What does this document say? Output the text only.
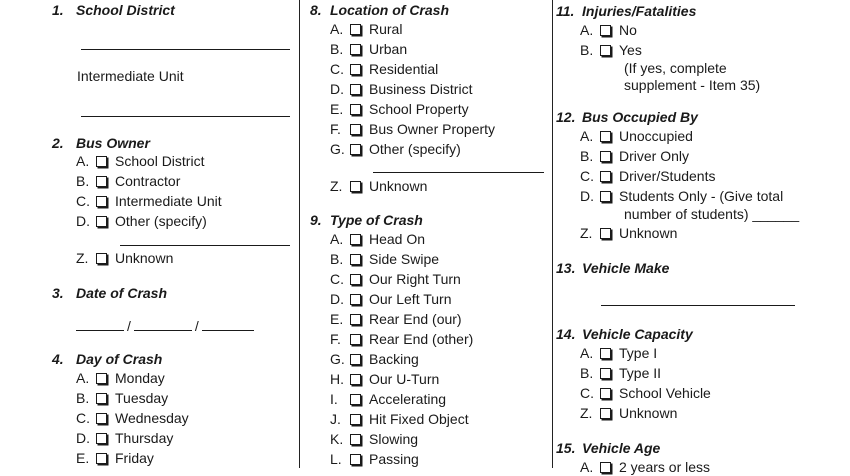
1. School District
Intermediate Unit
2. Bus Owner
A. School District
B. Contractor
C. Intermediate Unit
D. Other (specify)
Z. Unknown
3. Date of Crash
/	/
4. Day of Crash
A. Monday
B. Tuesday
C. Wednesday
D. Thursday
E. Friday
8. Location of Crash
A. Rural
B. Urban
C. Residential
D. Business District
E. School Property
F. Bus Owner Property
G. Other (specify)
Z. Unknown
9. Type of Crash
A. Head On
B. Side Swipe
C. Our Right Turn
D. Our Left Turn
E. Rear End (our)
F. Rear End (other)
G. Backing
H. Our U-Turn
I. Accelerating
J. Hit Fixed Object
K. Slowing
L. Passing
11. Injuries/Fatalities
A. No
B. Yes
(If yes, complete
supplement - Item 35)
12. Bus Occupied By
A. Unoccupied
B. Driver Only
C. Driver/Students
D. Students Only - (Give total
number of students) ______
Z. Unknown
13. Vehicle Make
14. Vehicle Capacity
A. Type I
B. Type II
C. School Vehicle
Z. Unknown
15. Vehicle Age
A. 2 years or less
